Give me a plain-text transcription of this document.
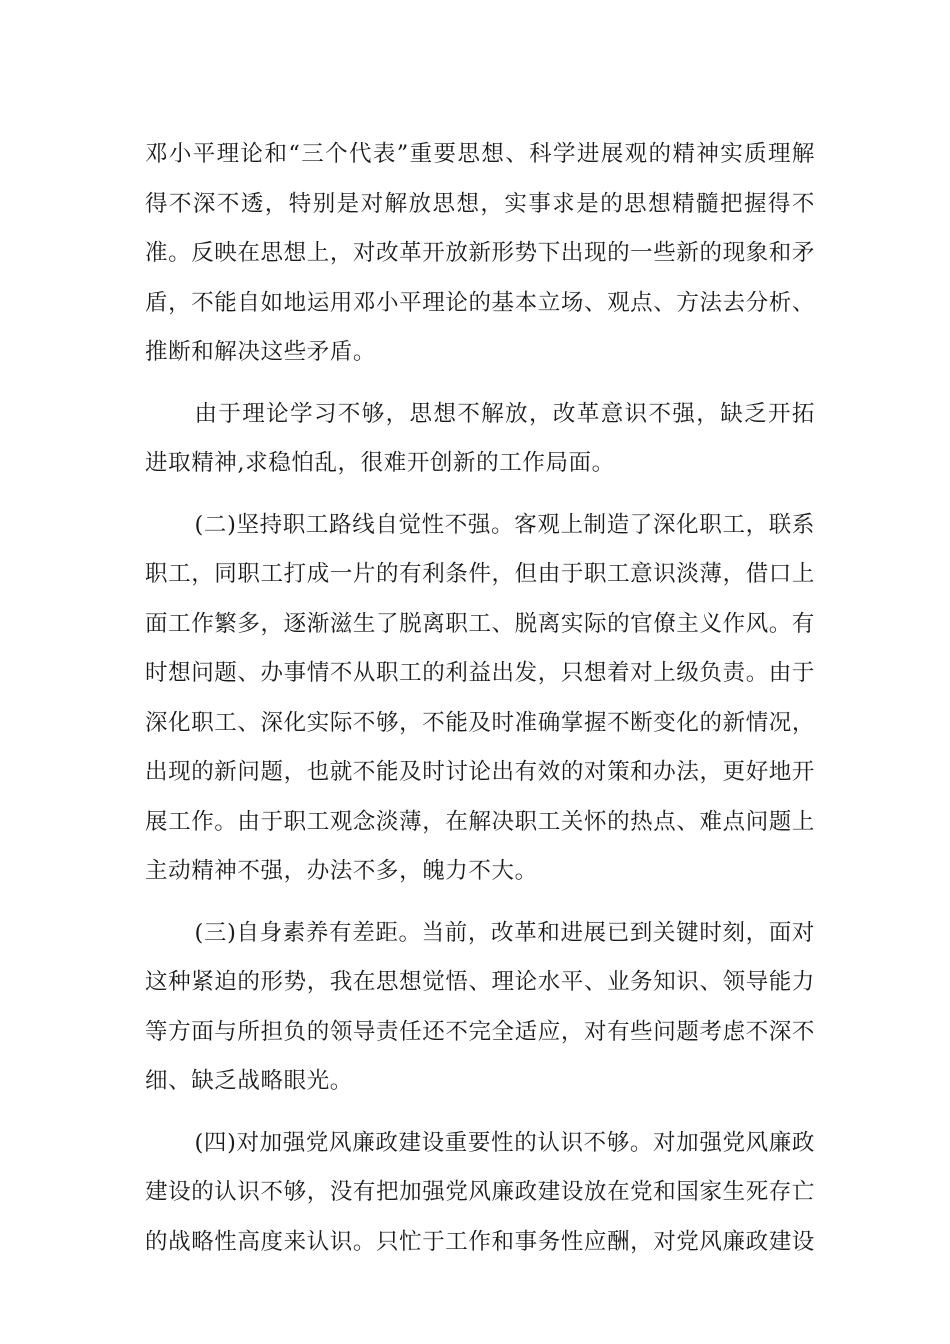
邓小平理论和“三个代表”重要思想、科学进展观的精神实质理解得不深不透，特别是对解放思想，实事求是的思想精髓把握得不准。反映在思想上，对改革开放新形势下出现的一些新的现象和矛盾，不能自如地运用邓小平理论的基本立场、观点、方法去分析、推断和解决这些矛盾。

由于理论学习不够，思想不解放，改革意识不强，缺乏开拓进取精神,求稳怕乱，很难开创新的工作局面。

(二)坚持职工路线自觉性不强。客观上制造了深化职工，联系职工，同职工打成一片的有利条件，但由于职工意识淡薄，借口上面工作繁多，逐渐滋生了脱离职工、脱离实际的官僚主义作风。有时想问题、办事情不从职工的利益出发，只想着对上级负责。由于深化职工、深化实际不够，不能及时准确掌握不断变化的新情况，出现的新问题，也就不能及时讨论出有效的对策和办法，更好地开展工作。由于职工观念淡薄，在解决职工关怀的热点、难点问题上主动精神不强，办法不多，魄力不大。

(三)自身素养有差距。当前，改革和进展已到关键时刻，面对这种紧迫的形势，我在思想觉悟、理论水平、业务知识、领导能力等方面与所担负的领导责任还不完全适应，对有些问题考虑不深不细、缺乏战略眼光。

(四)对加强党风廉政建设重要性的认识不够。对加强党风廉政建设的认识不够，没有把加强党风廉政建设放在党和国家生死存亡的战略性高度来认识。只忙于工作和事务性应酬，对党风廉政建设
